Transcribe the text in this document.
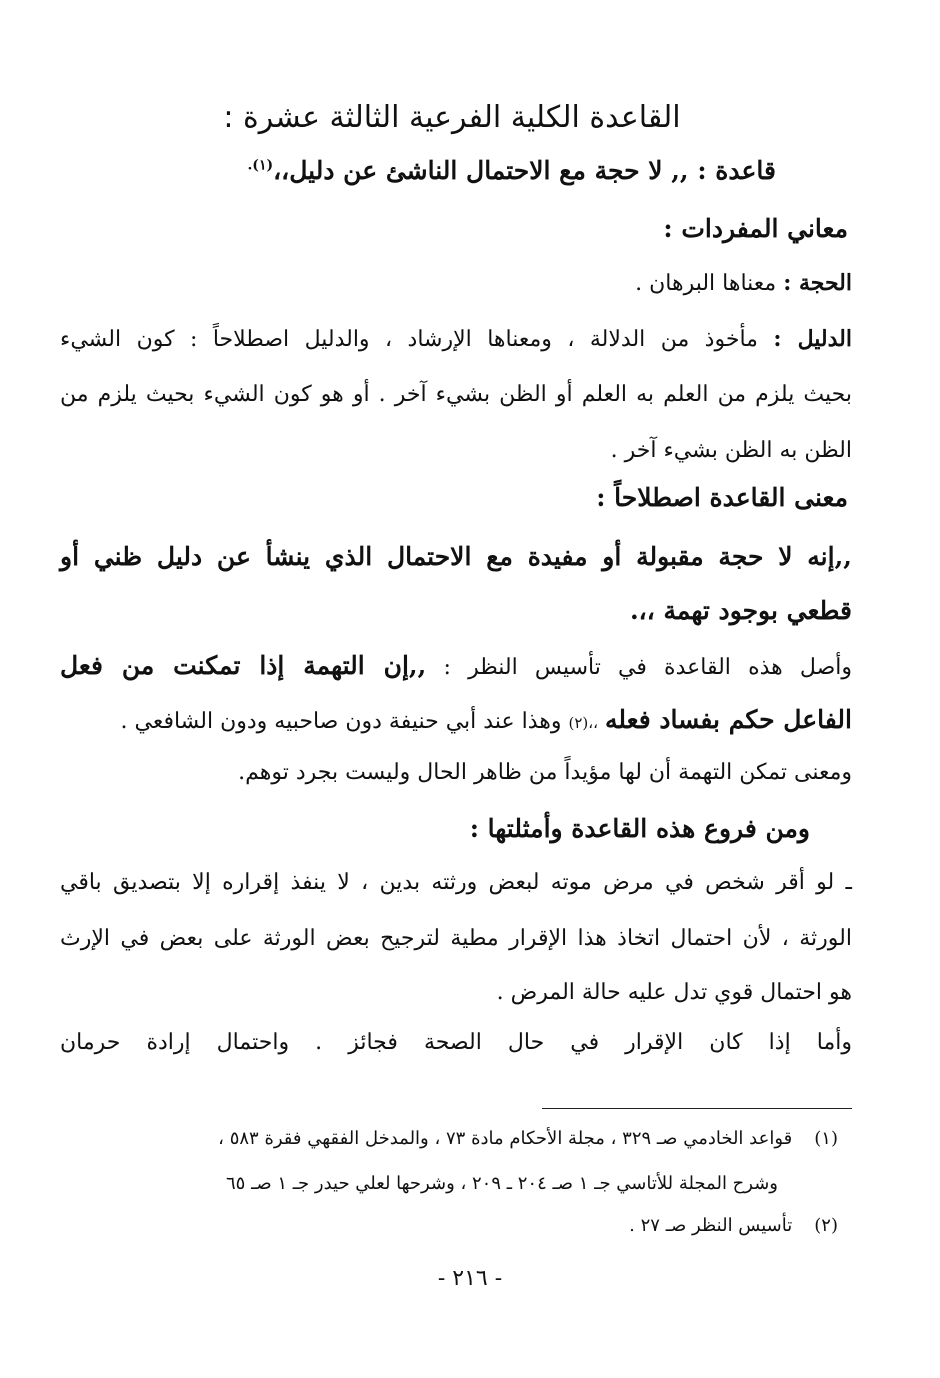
القاعدة الكلية الفرعية الثالثة عشرة :
قاعدة : ,, لا حجة مع الاحتمال الناشئ عن دليل،،$^{(١).}$
معاني المفردات :
الحجة : معناها البرهان .
الدليل : مأخوذ من الدلالة ، ومعناها الإرشاد ، والدليل اصطلاحاً : كون الشيء
بحيث يلزم من العلم به العلم أو الظن بشيء آخر . أو هو كون الشيء بحيث يلزم من
الظن به الظن بشيء آخر .
معنى القاعدة اصطلاحاً :
,,إنه لا حجة مقبولة أو مفيدة مع الاحتمال الذي ينشأ عن دليل ظني أو
قطعي بوجود تهمة ،،.
وأصل هذه القاعدة في تأسيس النظر : ,,إن التهمة إذا تمكنت من فعل
الفاعل حكم بفساد فعله ،،(٢) وهذا عند أبي حنيفة دون صاحبيه ودون الشافعي .
ومعنى تمكن التهمة أن لها مؤيداً من ظاهر الحال وليست بجرد توهم.
ومن فروع هذه القاعدة وأمثلتها :
ـ لو أقر شخص في مرض موته لبعض ورثته بدين ، لا ينفذ إقراره إلا بتصديق باقي
الورثة ، لأن احتمال اتخاذ هذا الإقرار مطية لترجيح بعض الورثة على بعض في الإرث
هو احتمال قوي تدل عليه حالة المرض .
وأما إذا كان الإقرار في حال الصحة فجائز . واحتمال إرادة حرمان
(١) قواعد الخادمي صـ ٣٢٩ ، مجلة الأحكام مادة ٧٣ ، والمدخل الفقهي فقرة ٥٨٣ ،
وشرح المجلة للأتاسي جـ ١ صـ ٢٠٤ ـ ٢٠٩ ، وشرحها لعلي حيدر جـ ١ صـ ٦٥
(٢) تأسيس النظر صـ ٢٧ .
- ٢١٦ -
